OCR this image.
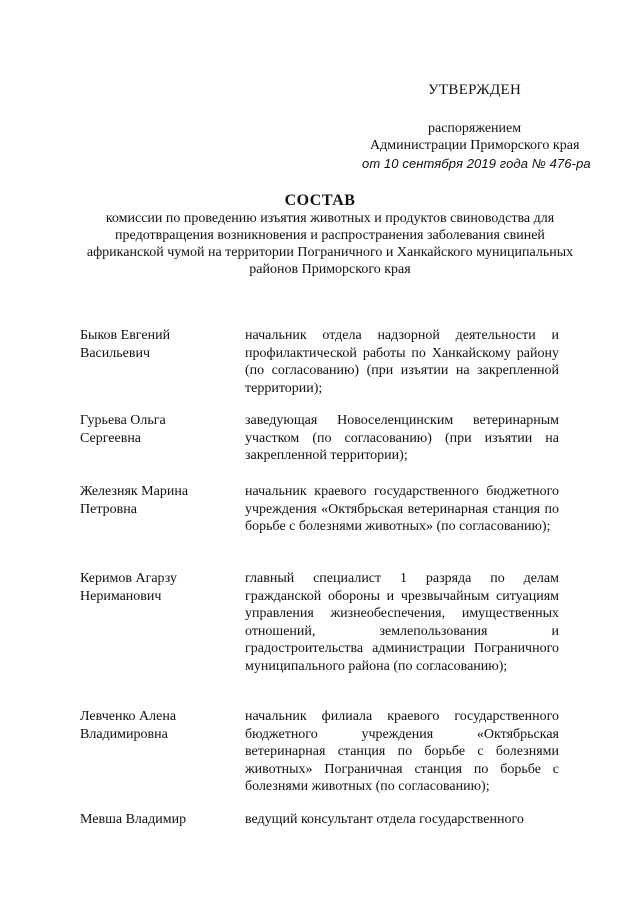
УТВЕРЖДЕН
распоряжением
Администрации Приморского края
от 10 сентября 2019 года № 476-ра
СОСТАВ
комиссии по проведению изъятия животных и продуктов свиноводства для предотвращения возникновения и распространения заболевания свиней африканской чумой на территории Пограничного и Ханкайского муниципальных районов Приморского края
Быков Евгений Васильевич
начальник отдела надзорной деятельности и профилактической работы по Ханкайскому району (по согласованию) (при изъятии на закрепленной территории);
Гурьева Ольга Сергеевна
заведующая Новоселенцинским ветеринарным участком (по согласованию) (при изъятии на закрепленной территории);
Железняк Марина Петровна
начальник краевого государственного бюджетного учреждения «Октябрьская ветеринарная станция по борьбе с болезнями животных» (по согласованию);
Керимов Агарзу Нериманович
главный специалист 1 разряда по делам гражданской обороны и чрезвычайным ситуациям управления жизнеобеспечения, имущественных отношений, землепользования и градостроительства администрации Пограничного муниципального района (по согласованию);
Левченко Алена Владимировна
начальник филиала краевого государственного бюджетного учреждения «Октябрьская ветеринарная станция по борьбе с болезнями животных» Пограничная станция по борьбе с болезнями животных (по согласованию);
Мевша Владимир	ведущий консультант отдела государственного
